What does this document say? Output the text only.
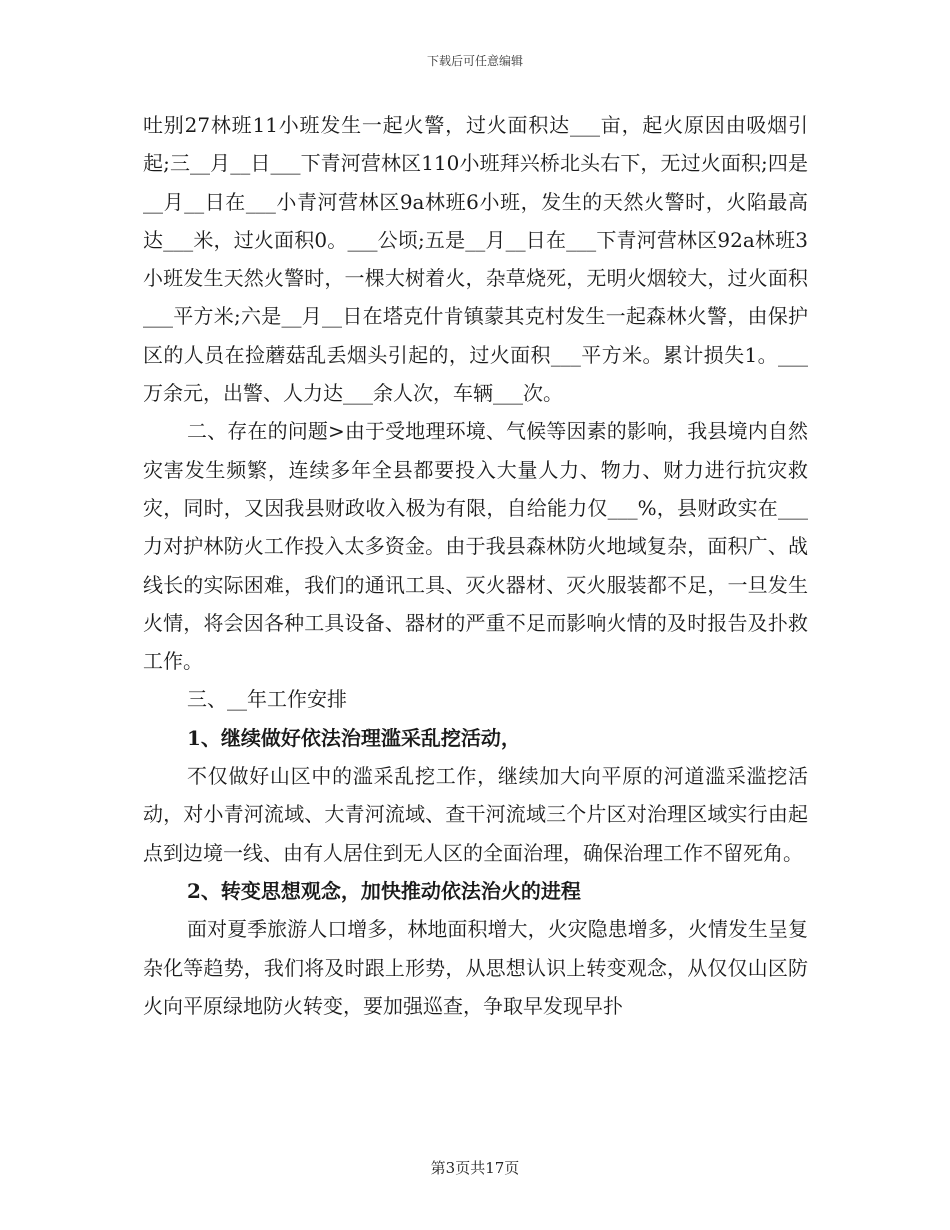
下载后可任意编辑

吐别27林班11小班发生一起火警，过火面积达___亩，起火原因由吸烟引起;三__月__日___下青河营林区110小班拜兴桥北头右下，无过火面积;四是__月__日在___小青河营林区9a林班6小班，发生的天然火警时，火陷最高达___米，过火面积0。___公顷;五是__月__日在___下青河营林区92a林班3小班发生天然火警时，一棵大树着火，杂草烧死，无明火烟较大，过火面积___平方米;六是__月__日在塔克什肯镇蒙其克村发生一起森林火警，由保护区的人员在捡蘑菇乱丢烟头引起的，过火面积___平方米。累计损失1。___万余元，出警、人力达___余人次，车辆___次。

二、存在的问题>由于受地理环境、气候等因素的影响，我县境内自然灾害发生频繁，连续多年全县都要投入大量人力、物力、财力进行抗灾救灾，同时，又因我县财政收入极为有限，自给能力仅___%，县财政实在___力对护林防火工作投入太多资金。由于我县森林防火地域复杂，面积广、战线长的实际困难，我们的通讯工具、灭火器材、灭火服装都不足，一旦发生火情，将会因各种工具设备、器材的严重不足而影响火情的及时报告及扑救工作。

三、__年工作安排

1、继续做好依法治理滥采乱挖活动，

不仅做好山区中的滥采乱挖工作，继续加大向平原的河道滥采滥挖活动，对小青河流域、大青河流域、查干河流域三个片区对治理区域实行由起点到边境一线、由有人居住到无人区的全面治理，确保治理工作不留死角。

2、转变思想观念，加快推动依法治火的进程

面对夏季旅游人口增多，林地面积增大，火灾隐患增多，火情发生呈复杂化等趋势，我们将及时跟上形势，从思想认识上转变观念，从仅仅山区防火向平原绿地防火转变，要加强巡查，争取早发现早扑

第3页共17页
